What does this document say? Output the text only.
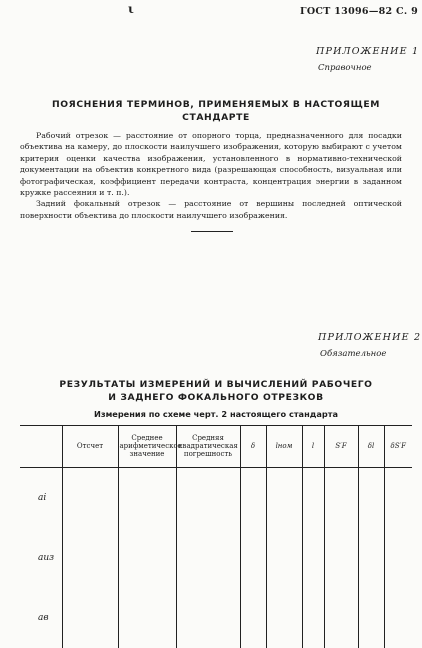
ι	ГОСТ 13096—82 С. 9
ПРИЛОЖЕНИЕ 1
Справочное
ПОЯСНЕНИЯ ТЕРМИНОВ, ПРИМЕНЯЕМЫХ В НАСТОЯЩЕМ
СТАНДАРТЕ

Рабочий отрезок — расстояние от опорного торца, предназначенного для посадки объектива на камеру, до плоскости наилучшего изображения, которую выбирают с учетом критерия оценки качества изображения, установленного в нормативно-технической документации на объектив конкретного вида (разрешающая способность, визуальная или фотографическая, коэффициент передачи контраста, концентрация энергии в заданном кружке рассеяния и т. п.).

Задний фокальный отрезок — расстояние от вершины последней оптической поверхности объектива до плоскости наилучшего изображения.

ПРИЛОЖЕНИЕ 2
Обязательное
РЕЗУЛЬТАТЫ ИЗМЕРЕНИЙ И ВЫЧИСЛЕНИЙ РАБОЧЕГО
И ЗАДНЕГО ФОКАЛЬНОГО ОТРЕЗКОВ
Измерения по схеме черт. 2 настоящего стандарта
	Отсчет	Среднее арифметическое значение	Средняя квадратическая погрешность	δ	lном	l	S′F	δl	δS′F
ai									
aиз									
aв									
